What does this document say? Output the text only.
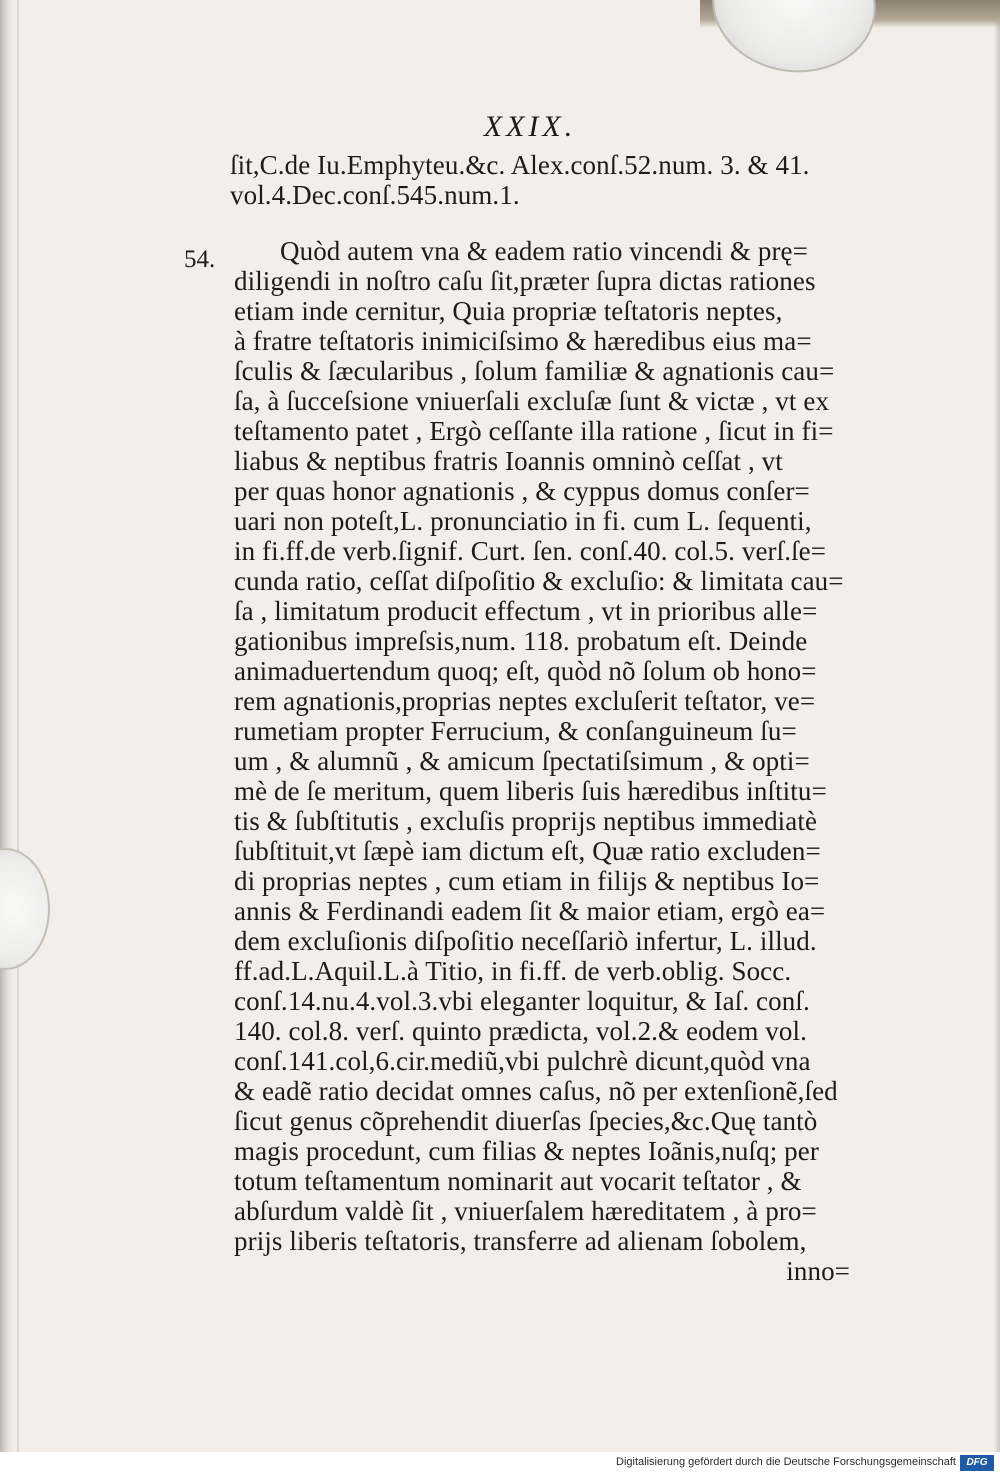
XXIX.
ſit,C.de Iu.Emphyteu.&c. Alex.conſ.52.num. 3. & 41.
vol.4.Dec.conſ.545.num.1.
54.	Quòd autem vna & eadem ratio vincendi & prę=
diligendi in noſtro caſu ſit,præter ſupra dictas rationes
etiam inde cernitur, Quia propriæ teſtatoris neptes,
à fratre teſtatoris inimiciſsimo & hæredibus eius ma=
ſculis & ſæcularibus , ſolum familiæ & agnationis cau=
ſa, à ſucceſsione vniuerſali excluſæ ſunt & victæ , vt ex
teſtamento patet , Ergò ceſſante illa ratione , ſicut in fi=
liabus & neptibus fratris Ioannis omninò ceſſat , vt
per quas honor agnationis , & cyppus domus conſer=
uari non poteſt,L. pronunciatio in fi. cum L. ſequenti,
in fi.ff.de verb.ſignif. Curt. ſen. conſ.40. col.5. verſ.ſe=
cunda ratio, ceſſat diſpoſitio & excluſio: & limitata cau=
ſa , limitatum producit effectum , vt in prioribus alle=
gationibus impreſsis,num. 118. probatum eſt. Deinde
animaduertendum quoq; eſt, quòd nõ ſolum ob hono=
rem agnationis,proprias neptes excluſerit teſtator, ve=
rumetiam propter Ferrucium, & conſanguineum ſu=
um , & alumnũ , & amicum ſpectatiſsimum , & opti=
mè de ſe meritum, quem liberis ſuis hæredibus inſtitu=
tis & ſubſtitutis , excluſis proprijs neptibus immediatè
ſubſtituit,vt ſæpè iam dictum eſt, Quæ ratio excluden=
di proprias neptes , cum etiam in filijs & neptibus Io=
annis & Ferdinandi eadem ſit & maior etiam, ergò ea=
dem excluſionis diſpoſitio neceſſariò infertur, L. illud.
ff.ad.L.Aquil.L.à Titio, in fi.ff. de verb.oblig. Socc.
conſ.14.nu.4.vol.3.vbi eleganter loquitur, & Iaſ. conſ.
140. col.8. verſ. quinto prædicta, vol.2.& eodem vol.
conſ.141.col,6.cir.mediũ,vbi pulchrè dicunt,quòd vna
& eadẽ ratio decidat omnes caſus, nõ per extenſionẽ,ſed
ſicut genus cõprehendit diuerſas ſpecies,&c.Quę tantò
magis procedunt, cum filias & neptes Ioãnis,nuſq; per
totum teſtamentum nominarit aut vocarit teſtator , &
abſurdum valdè ſit , vniuerſalem hæreditatem , à pro=
prijs liberis teſtatoris, transferre ad alienam ſobolem,
inno=
Digitalisierung gefördert durch die Deutsche Forschungsgemeinschaft	DFG
